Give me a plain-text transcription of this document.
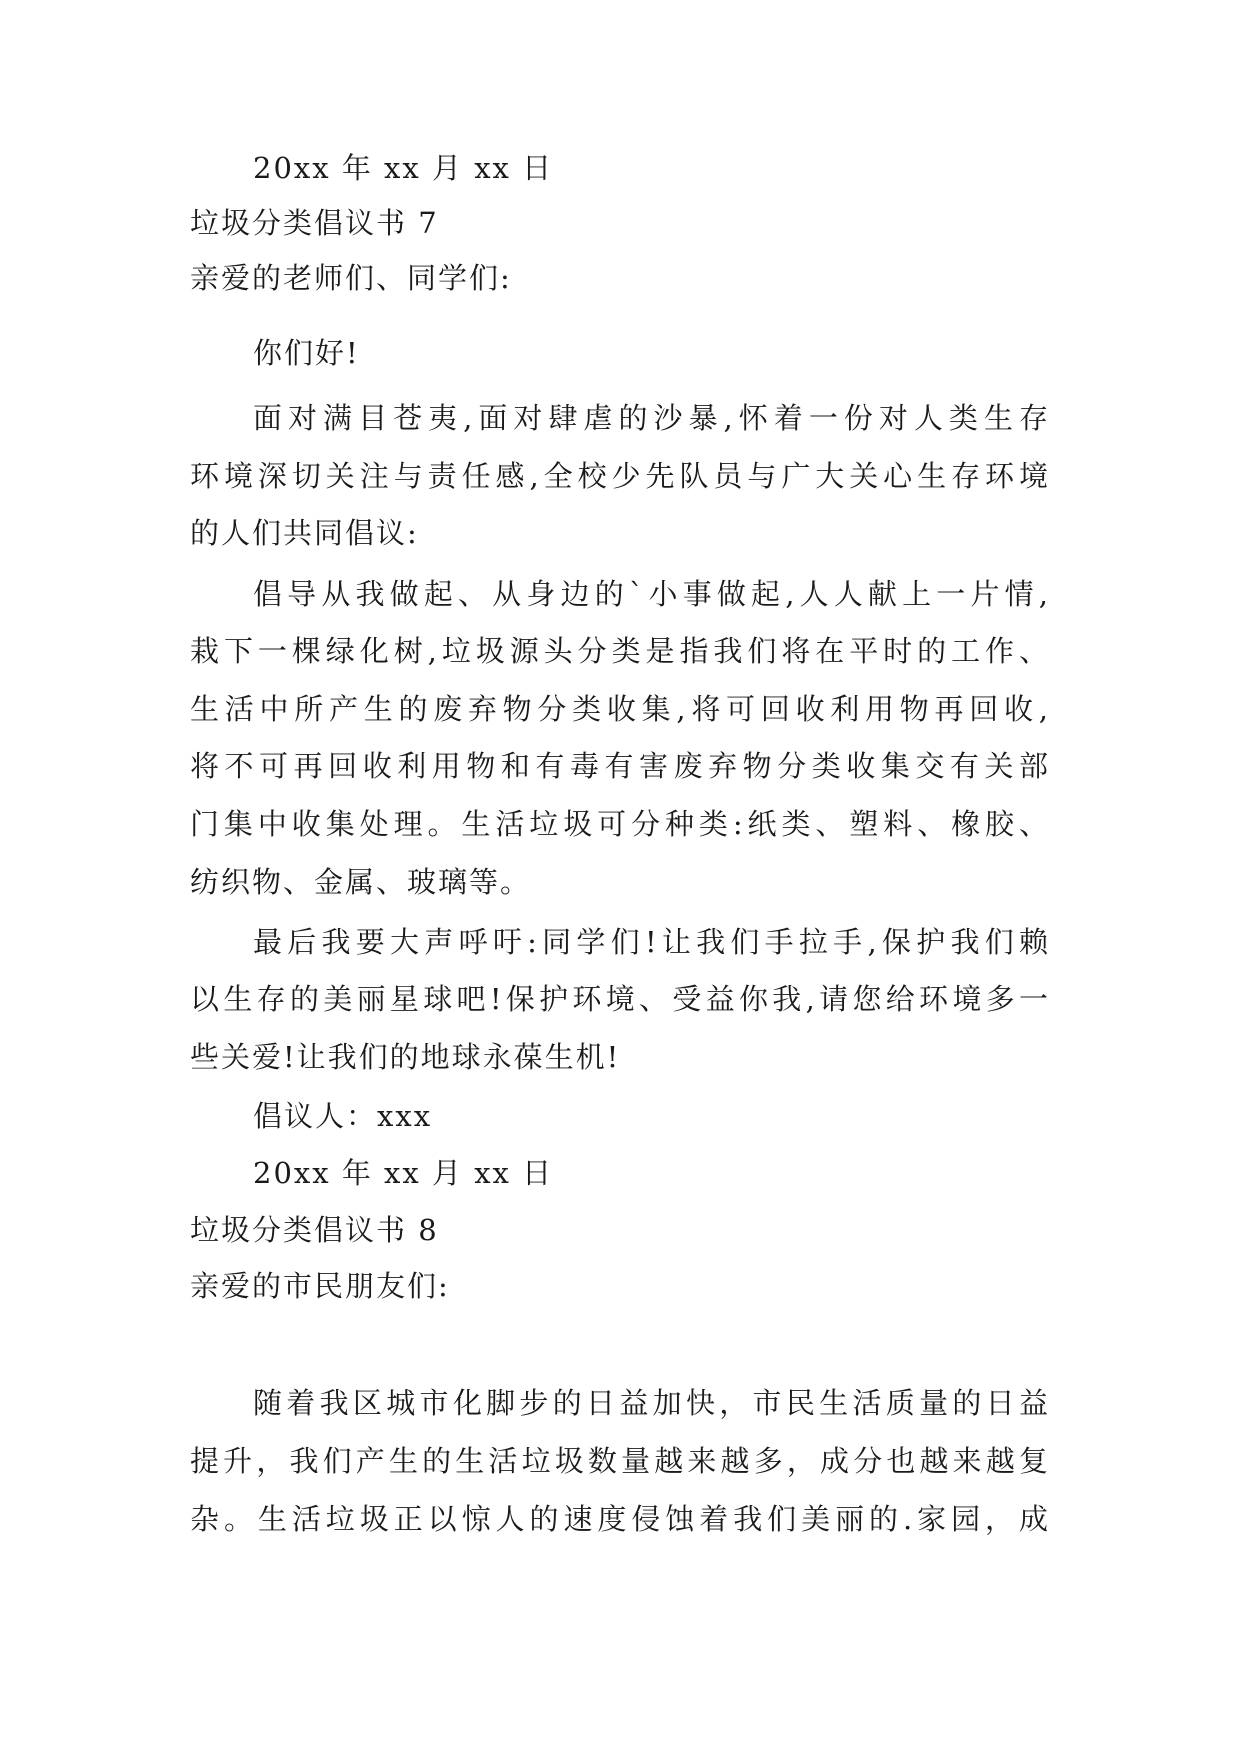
20xx 年 xx 月 xx 日
垃圾分类倡议书 7
亲爱的老师们、同学们:
你们好!
面对满目苍夷,面对肆虐的沙暴,怀着一份对人类生存
环境深切关注与责任感,全校少先队员与广大关心生存环境
的人们共同倡议:
倡导从我做起、从身边的`小事做起,人人献上一片情,
栽下一棵绿化树,垃圾源头分类是指我们将在平时的工作、
生活中所产生的废弃物分类收集,将可回收利用物再回收,
将不可再回收利用物和有毒有害废弃物分类收集交有关部
门集中收集处理。生活垃圾可分种类:纸类、塑料、橡胶、
纺织物、金属、玻璃等。
最后我要大声呼吁:同学们!让我们手拉手,保护我们赖
以生存的美丽星球吧!保护环境、受益你我,请您给环境多一
些关爱!让我们的地球永葆生机!
倡议人：xxx
20xx 年 xx 月 xx 日
垃圾分类倡议书 8
亲爱的市民朋友们:
随着我区城市化脚步的日益加快，市民生活质量的日益
提升，我们产生的生活垃圾数量越来越多，成分也越来越复
杂。生活垃圾正以惊人的速度侵蚀着我们美丽的.家园，成
